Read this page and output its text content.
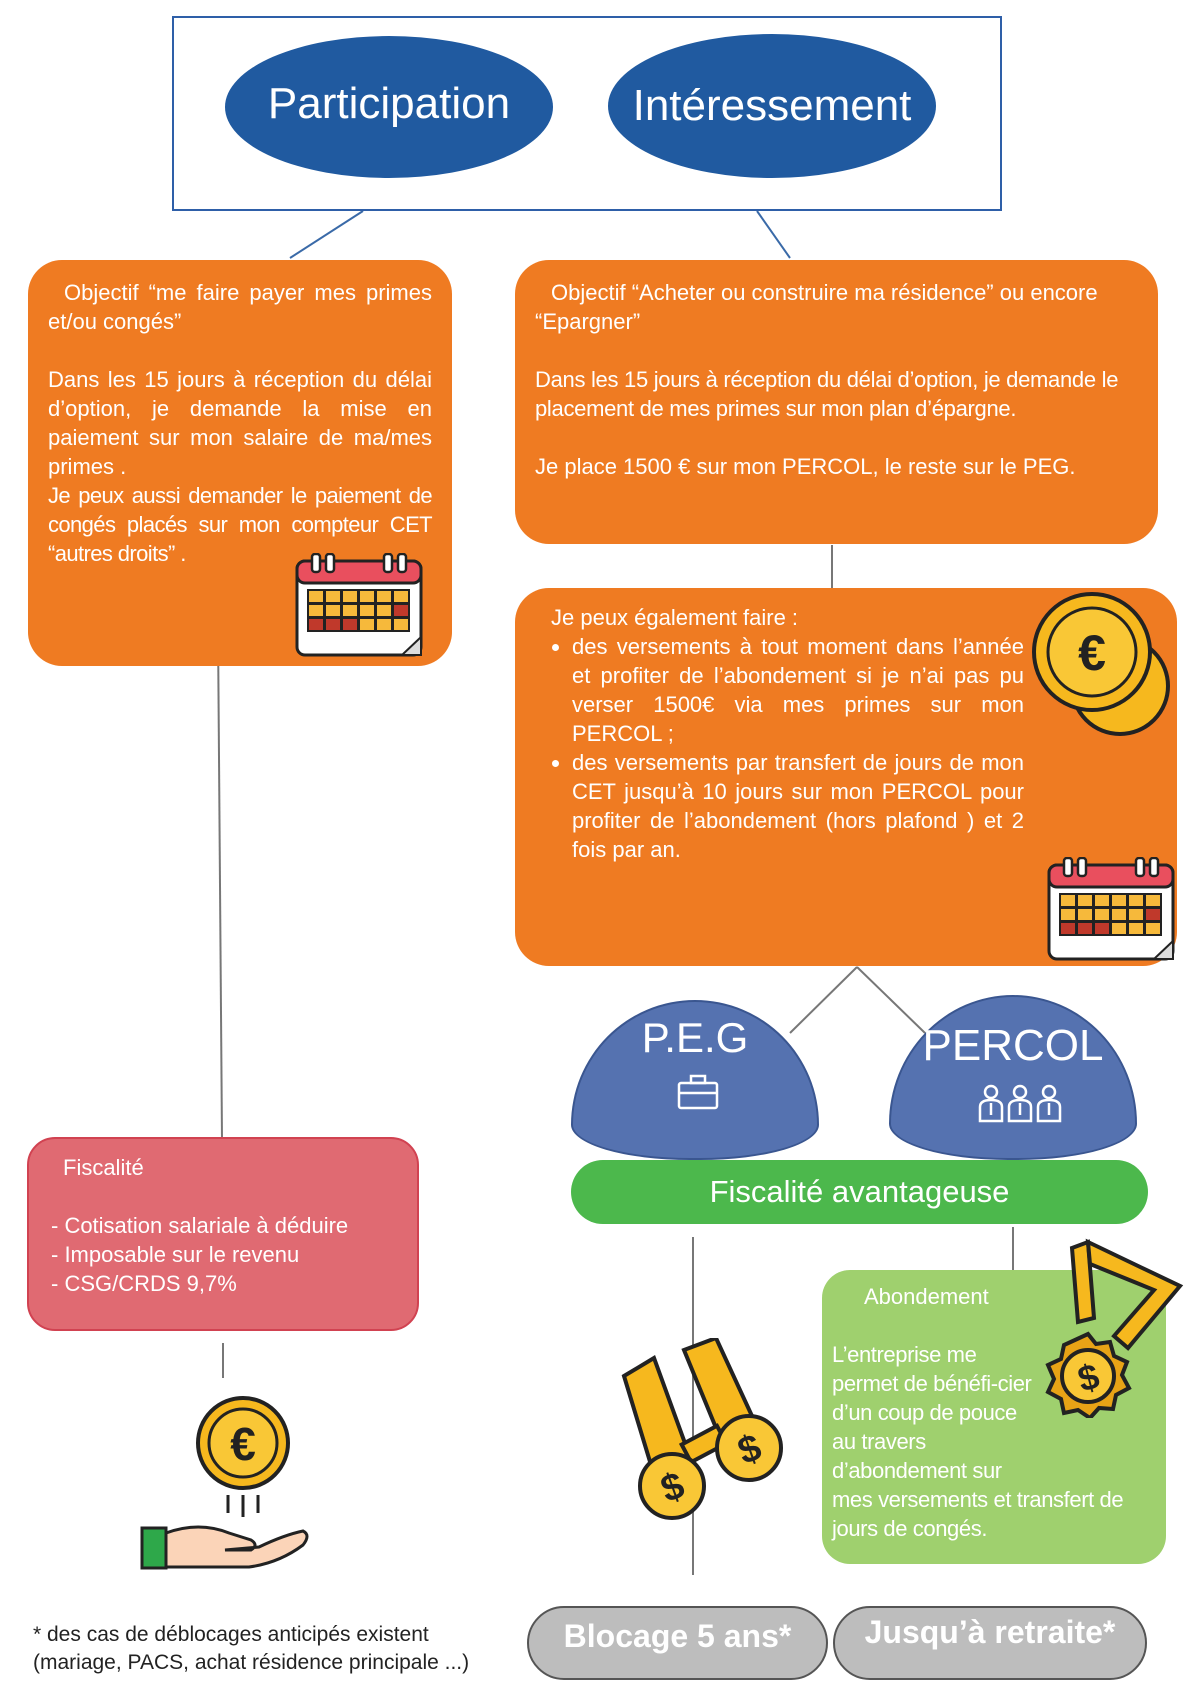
Participation	Intéressement

Objectif “me faire payer mes primes et/ou congés”

Dans les 15 jours à réception du délai d’option, je demande la mise en paiement sur mon salaire de ma/mes primes .

Je peux aussi demander le paiement de congés placés sur mon compteur CET “autres droits” .

Objectif “Acheter ou construire ma résidence” ou encore “Epargner”

Dans les 15 jours à réception du délai d’option, je demande le placement de mes primes sur mon plan d’épargne.

Je place 1500 € sur mon PERCOL, le reste sur le PEG.

Je peux également faire :

• des versements à tout moment dans l’année et profiter de l’abondement si je n’ai pas pu verser 1500€ via mes primes sur mon PERCOL ;
• des versements par transfert de jours de mon CET jusqu’à 10 jours sur mon PERCOL pour profiter de l’abondement (hors plafond ) et 2 fois par an.
€
P.E.G	PERCOL
Fiscalité avantageuse
Fiscalité
- Cotisation salariale à déduire
- Imposable sur le revenu
- CSG/CRDS 9,7%
€
$
$
Abondement

L’entreprise me permet de bénéfi-cier d’un coup de pouce au travers d’abondement sur mes versements et transfert de jours de congés.

$
* des cas de déblocages anticipés existent
(mariage, PACS, achat résidence principale ...)
Blocage 5 ans* Jusqu’à retraite*
